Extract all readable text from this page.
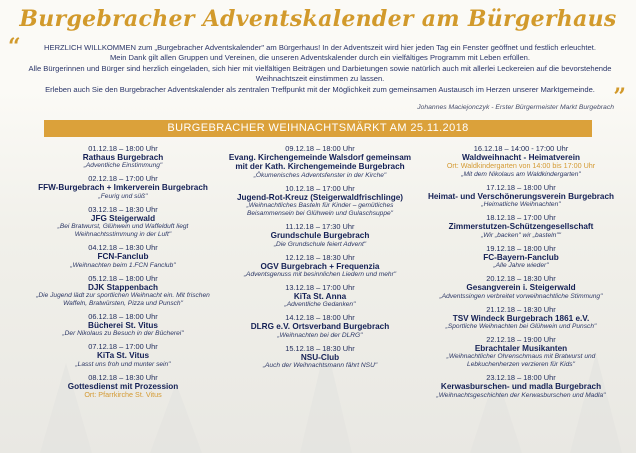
Burgebracher Adventskalender am Bürgerhaus
“
”

HERZLICH WILLKOMMEN zum „Burgebracher Adventskalender" am Bürgerhaus! In der Adventszeit wird hier jeden Tag ein Fenster geöffnet und festlich erleuchtet.

Mein Dank gilt allen Gruppen und Vereinen, die unseren Adventskalender durch ein vielfältiges Programm mit Leben erfüllen.

Alle Bürgerinnen und Bürger sind herzlich eingeladen, sich hier mit vielfältigen Beiträgen und Darbietungen sowie natürlich auch mit allerlei Leckereien auf die bevorstehende Weihnachtszeit einstimmen zu lassen.

Erleben auch Sie den Burgebracher Adventskalender als zentralen Treffpunkt mit der Möglichkeit zum gemeinsamen Austausch im Herzen unserer Marktgemeinde.

Johannes Maciejonczyk - Erster Bürgermeister Markt Burgebrach
BURGEBRACHER WEIHNACHTSMÄRKT AM 25.11.2018
01.12.18 – 18:00 Uhr
Rathaus Burgebrach
„Adventliche Einstimmung"
02.12.18 – 17:00 Uhr
FFW-Burgebrach + Imkerverein Burgebrach
„Feurig und süß"
03.12.18 – 18:30 Uhr
JFG Steigerwald
„Bei Bratwurst, Glühwein und Waffelduft liegt Weihnachtsstimmung in der Luft"
04.12.18 – 18:30 Uhr
FCN-Fanclub
„Weihnachten beim 1.FCN Fanclub"
05.12.18 – 18:00 Uhr
DJK Stappenbach
„Die Jugend lädt zur sportlichen Weihnacht ein. Mit frischen Waffeln, Bratwürsten, Pizza und Punsch"
06.12.18 – 18:00 Uhr
Bücherei St. Vitus
„Der Nikolaus zu Besuch in der Bücherei"
07.12.18 – 17:00 Uhr
KiTa St. Vitus
„Lasst uns froh und munter sein"
08.12.18 – 18:30 Uhr
Gottesdienst mit Prozession
Ort: Pfarrkirche St. Vitus
09.12.18 – 18:00 Uhr
Evang. Kirchengemeinde Walsdorf gemeinsam mit der Kath. Kirchengemeinde Burgebrach
„Ökumenisches Adventsfenster in der Kirche"
10.12.18 – 17:00 Uhr
Jugend-Rot-Kreuz (Steigerwaldfrischlinge)
„Weihnachtliches Basteln für Kinder – gemütliches Beisammensein bei Glühwein und Gulaschsuppe"
11.12.18 – 17:30 Uhr
Grundschule Burgebrach
„Die Grundschule feiert Advent"
12.12.18 – 18:30 Uhr
OGV Burgebrach + Frequenzia
„Adventsgenuss mit besinnlichen Liedern und mehr"
13.12.18 – 17:00 Uhr
KiTa St. Anna
„Adventliche Gedanken"
14.12.18 – 18:00 Uhr
DLRG e.V. Ortsverband Burgebrach
„Weihnachten bei der DLRG"
15.12.18 – 18:30 Uhr
NSU-Club
„Auch der Weihnachtsmann fährt NSU"
16.12.18 – 14:00 - 17:00 Uhr
Waldweihnacht - Heimatverein
Ort: Waldkindergarten von 14:00 bis 17:00 Uhr
„Mit dem Nikolaus am Waldkindergarten"
17.12.18 – 18:00 Uhr
Heimat- und Verschönerungsverein Burgebrach
„Heimatliche Weihnachten"
18.12.18 – 17:00 Uhr
Zimmerstutzen-Schützengesellschaft
„Wir „backen" wir „basteln""
19.12.18 – 18:00 Uhr
FC-Bayern-Fanclub
„Alle Jahre wieder"
20.12.18 – 18:30 Uhr
Gesangverein i. Steigerwald
„Adventssingen verbreitet vorweihnachtliche Stimmung"
21.12.18 – 18:30 Uhr
TSV Windeck Burgebrach 1861 e.V.
„Sportliche Weihnachten bei Glühwein und Punsch"
22.12.18 – 19:00 Uhr
Ebrachtaler Musikanten
„Weihnachtlicher Ohrenschmaus mit Bratwurst und Lebkuchenherzen verzieren für Kids"
23.12.18 – 18:00 Uhr
Kerwasburschen- und madla Burgebrach
„Weihnachtsgeschichten der Kerwasburschen und Madla"
